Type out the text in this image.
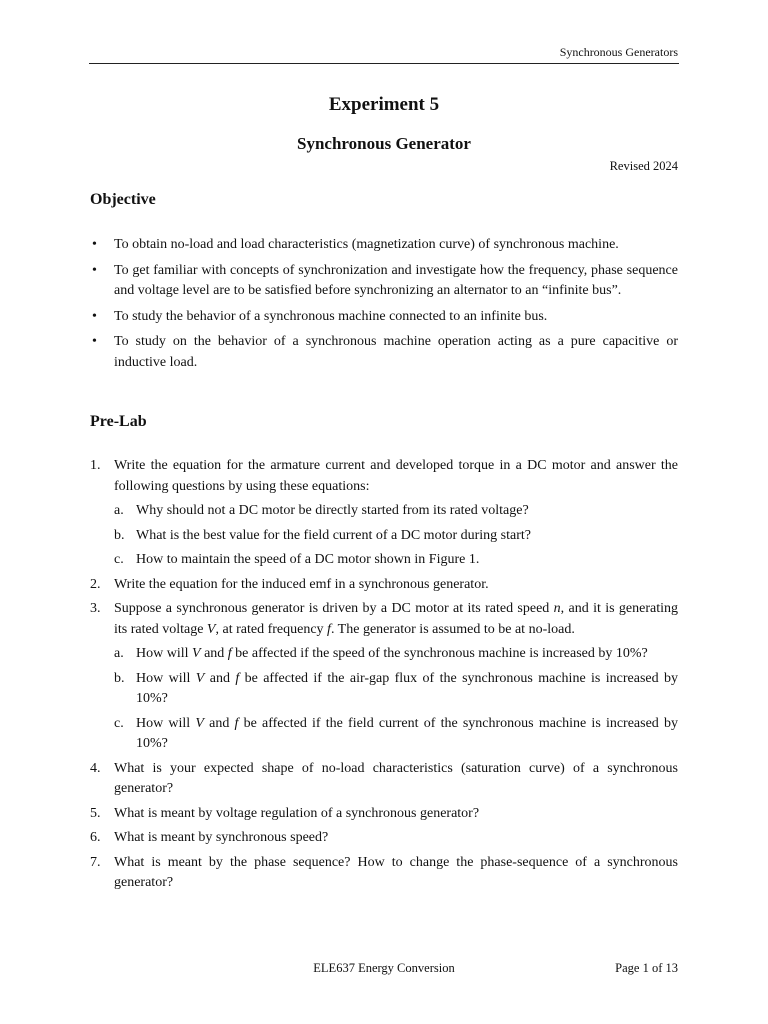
Synchronous Generators
Experiment 5
Synchronous Generator
Revised 2024
Objective
• To obtain no-load and load characteristics (magnetization curve) of synchronous machine.
• To get familiar with concepts of synchronization and investigate how the frequency, phase sequence and voltage level are to be satisfied before synchronizing an alternator to an “infinite bus”.
• To study the behavior of a synchronous machine connected to an infinite bus.
• To study on the behavior of a synchronous machine operation acting as a pure capacitive or inductive load.
Pre-Lab
1. Write the equation for the armature current and developed torque in a DC motor and answer the following questions by using these equations:
a. Why should not a DC motor be directly started from its rated voltage?
b. What is the best value for the field current of a DC motor during start?
c. How to maintain the speed of a DC motor shown in Figure 1.
2. Write the equation for the induced emf in a synchronous generator.
3. Suppose a synchronous generator is driven by a DC motor at its rated speed n, and it is generating its rated voltage V, at rated frequency f. The generator is assumed to be at no-load.
a. How will V and f be affected if the speed of the synchronous machine is increased by 10%?
b. How will V and f be affected if the air-gap flux of the synchronous machine is increased by 10%?
c. How will V and f be affected if the field current of the synchronous machine is increased by 10%?
4. What is your expected shape of no-load characteristics (saturation curve) of a synchronous generator?
5. What is meant by voltage regulation of a synchronous generator?
6. What is meant by synchronous speed?
7. What is meant by the phase sequence? How to change the phase-sequence of a synchronous generator?
ELE637 Energy Conversion	Page 1 of 13
